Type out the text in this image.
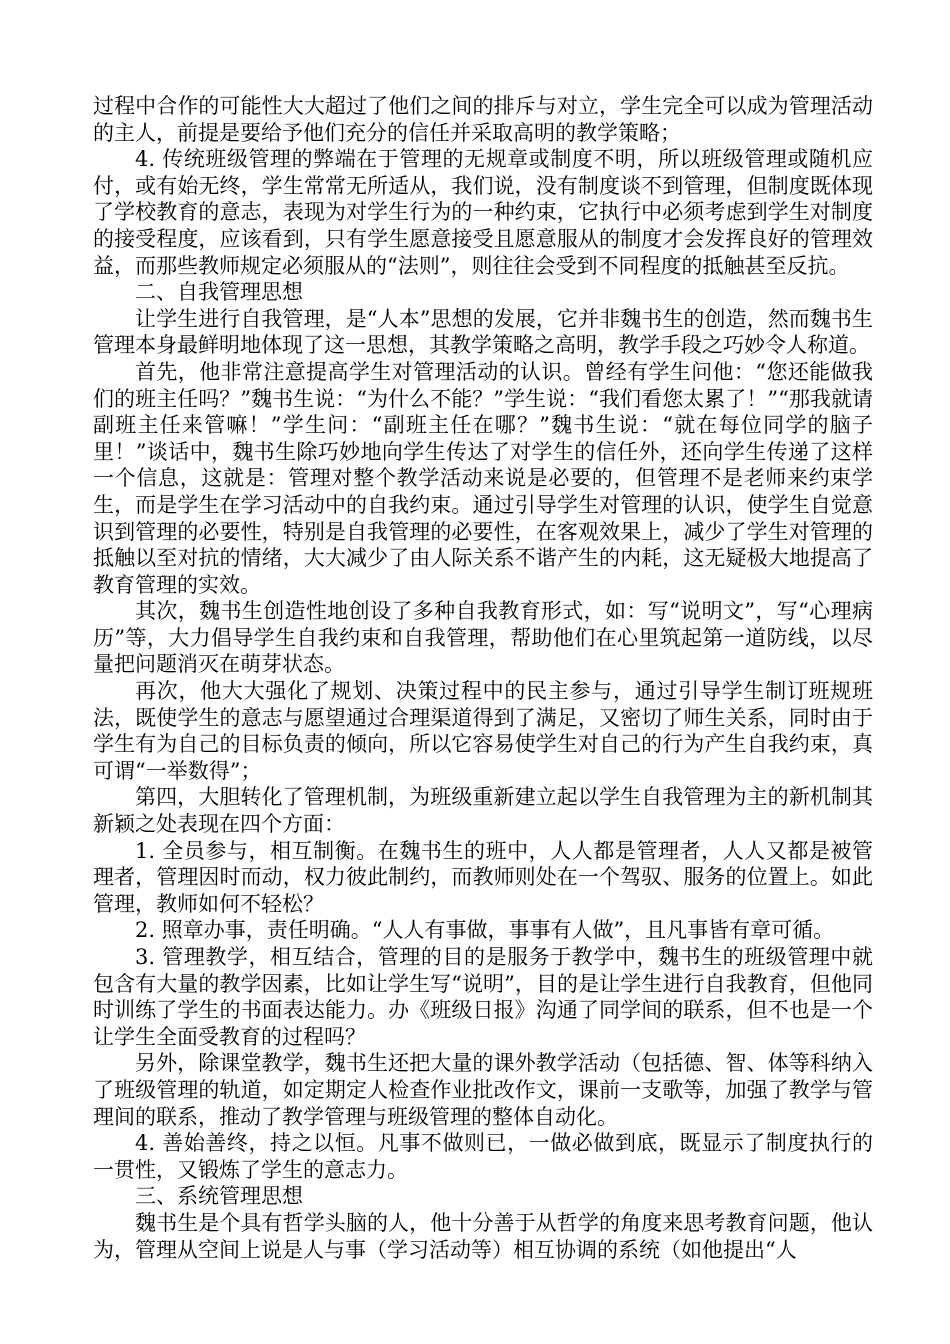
过程中合作的可能性大大超过了他们之间的排斥与对立，学生完全可以成为管理活动的主人，前提是要给予他们充分的信任并采取高明的教学策略；

4. 传统班级管理的弊端在于管理的无规章或制度不明，所以班级管理或随机应付，或有始无终，学生常常无所适从，我们说，没有制度谈不到管理，但制度既体现了学校教育的意志，表现为对学生行为的一种约束，它执行中必须考虑到学生对制度的接受程度，应该看到，只有学生愿意接受且愿意服从的制度才会发挥良好的管理效益，而那些教师规定必须服从的“法则”，则往往会受到不同程度的抵触甚至反抗。

二、自我管理思想

让学生进行自我管理，是“人本”思想的发展，它并非魏书生的创造，然而魏书生管理本身最鲜明地体现了这一思想，其教学策略之高明，教学手段之巧妙令人称道。

首先，他非常注意提高学生对管理活动的认识。曾经有学生问他：“您还能做我们的班主任吗？”魏书生说：“为什么不能？”学生说：“我们看您太累了！”“那我就请副班主任来管嘛！”学生问：“副班主任在哪？”魏书生说：“就在每位同学的脑子里！”谈话中，魏书生除巧妙地向学生传达了对学生的信任外，还向学生传递了这样一个信息，这就是：管理对整个教学活动来说是必要的，但管理不是老师来约束学生，而是学生在学习活动中的自我约束。通过引导学生对管理的认识，使学生自觉意识到管理的必要性，特别是自我管理的必要性，在客观效果上，减少了学生对管理的抵触以至对抗的情绪，大大减少了由人际关系不谐产生的内耗，这无疑极大地提高了教育管理的实效。

其次，魏书生创造性地创设了多种自我教育形式，如：写“说明文”，写“心理病历”等，大力倡导学生自我约束和自我管理，帮助他们在心里筑起第一道防线，以尽量把问题消灭在萌芽状态。

再次，他大大强化了规划、决策过程中的民主参与，通过引导学生制订班规班法，既使学生的意志与愿望通过合理渠道得到了满足，又密切了师生关系，同时由于学生有为自己的目标负责的倾向，所以它容易使学生对自己的行为产生自我约束，真可谓“一举数得”；

第四，大胆转化了管理机制，为班级重新建立起以学生自我管理为主的新机制其新颖之处表现在四个方面：

1. 全员参与，相互制衡。在魏书生的班中，人人都是管理者，人人又都是被管理者，管理因时而动，权力彼此制约，而教师则处在一个驾驭、服务的位置上。如此管理，教师如何不轻松？

2. 照章办事，责任明确。“人人有事做，事事有人做”，且凡事皆有章可循。

3. 管理教学，相互结合，管理的目的是服务于教学中，魏书生的班级管理中就包含有大量的教学因素，比如让学生写“说明”，目的是让学生进行自我教育，但他同时训练了学生的书面表达能力。办《班级日报》沟通了同学间的联系，但不也是一个让学生全面受教育的过程吗？

另外，除课堂教学，魏书生还把大量的课外教学活动（包括德、智、体等科纳入了班级管理的轨道，如定期定人检查作业批改作文，课前一支歌等，加强了教学与管理间的联系，推动了教学管理与班级管理的整体自动化。

4. 善始善终，持之以恒。凡事不做则已，一做必做到底，既显示了制度执行的一贯性，又锻炼了学生的意志力。

三、系统管理思想

魏书生是个具有哲学头脑的人，他十分善于从哲学的角度来思考教育问题，他认为，管理从空间上说是人与事（学习活动等）相互协调的系统（如他提出“人
